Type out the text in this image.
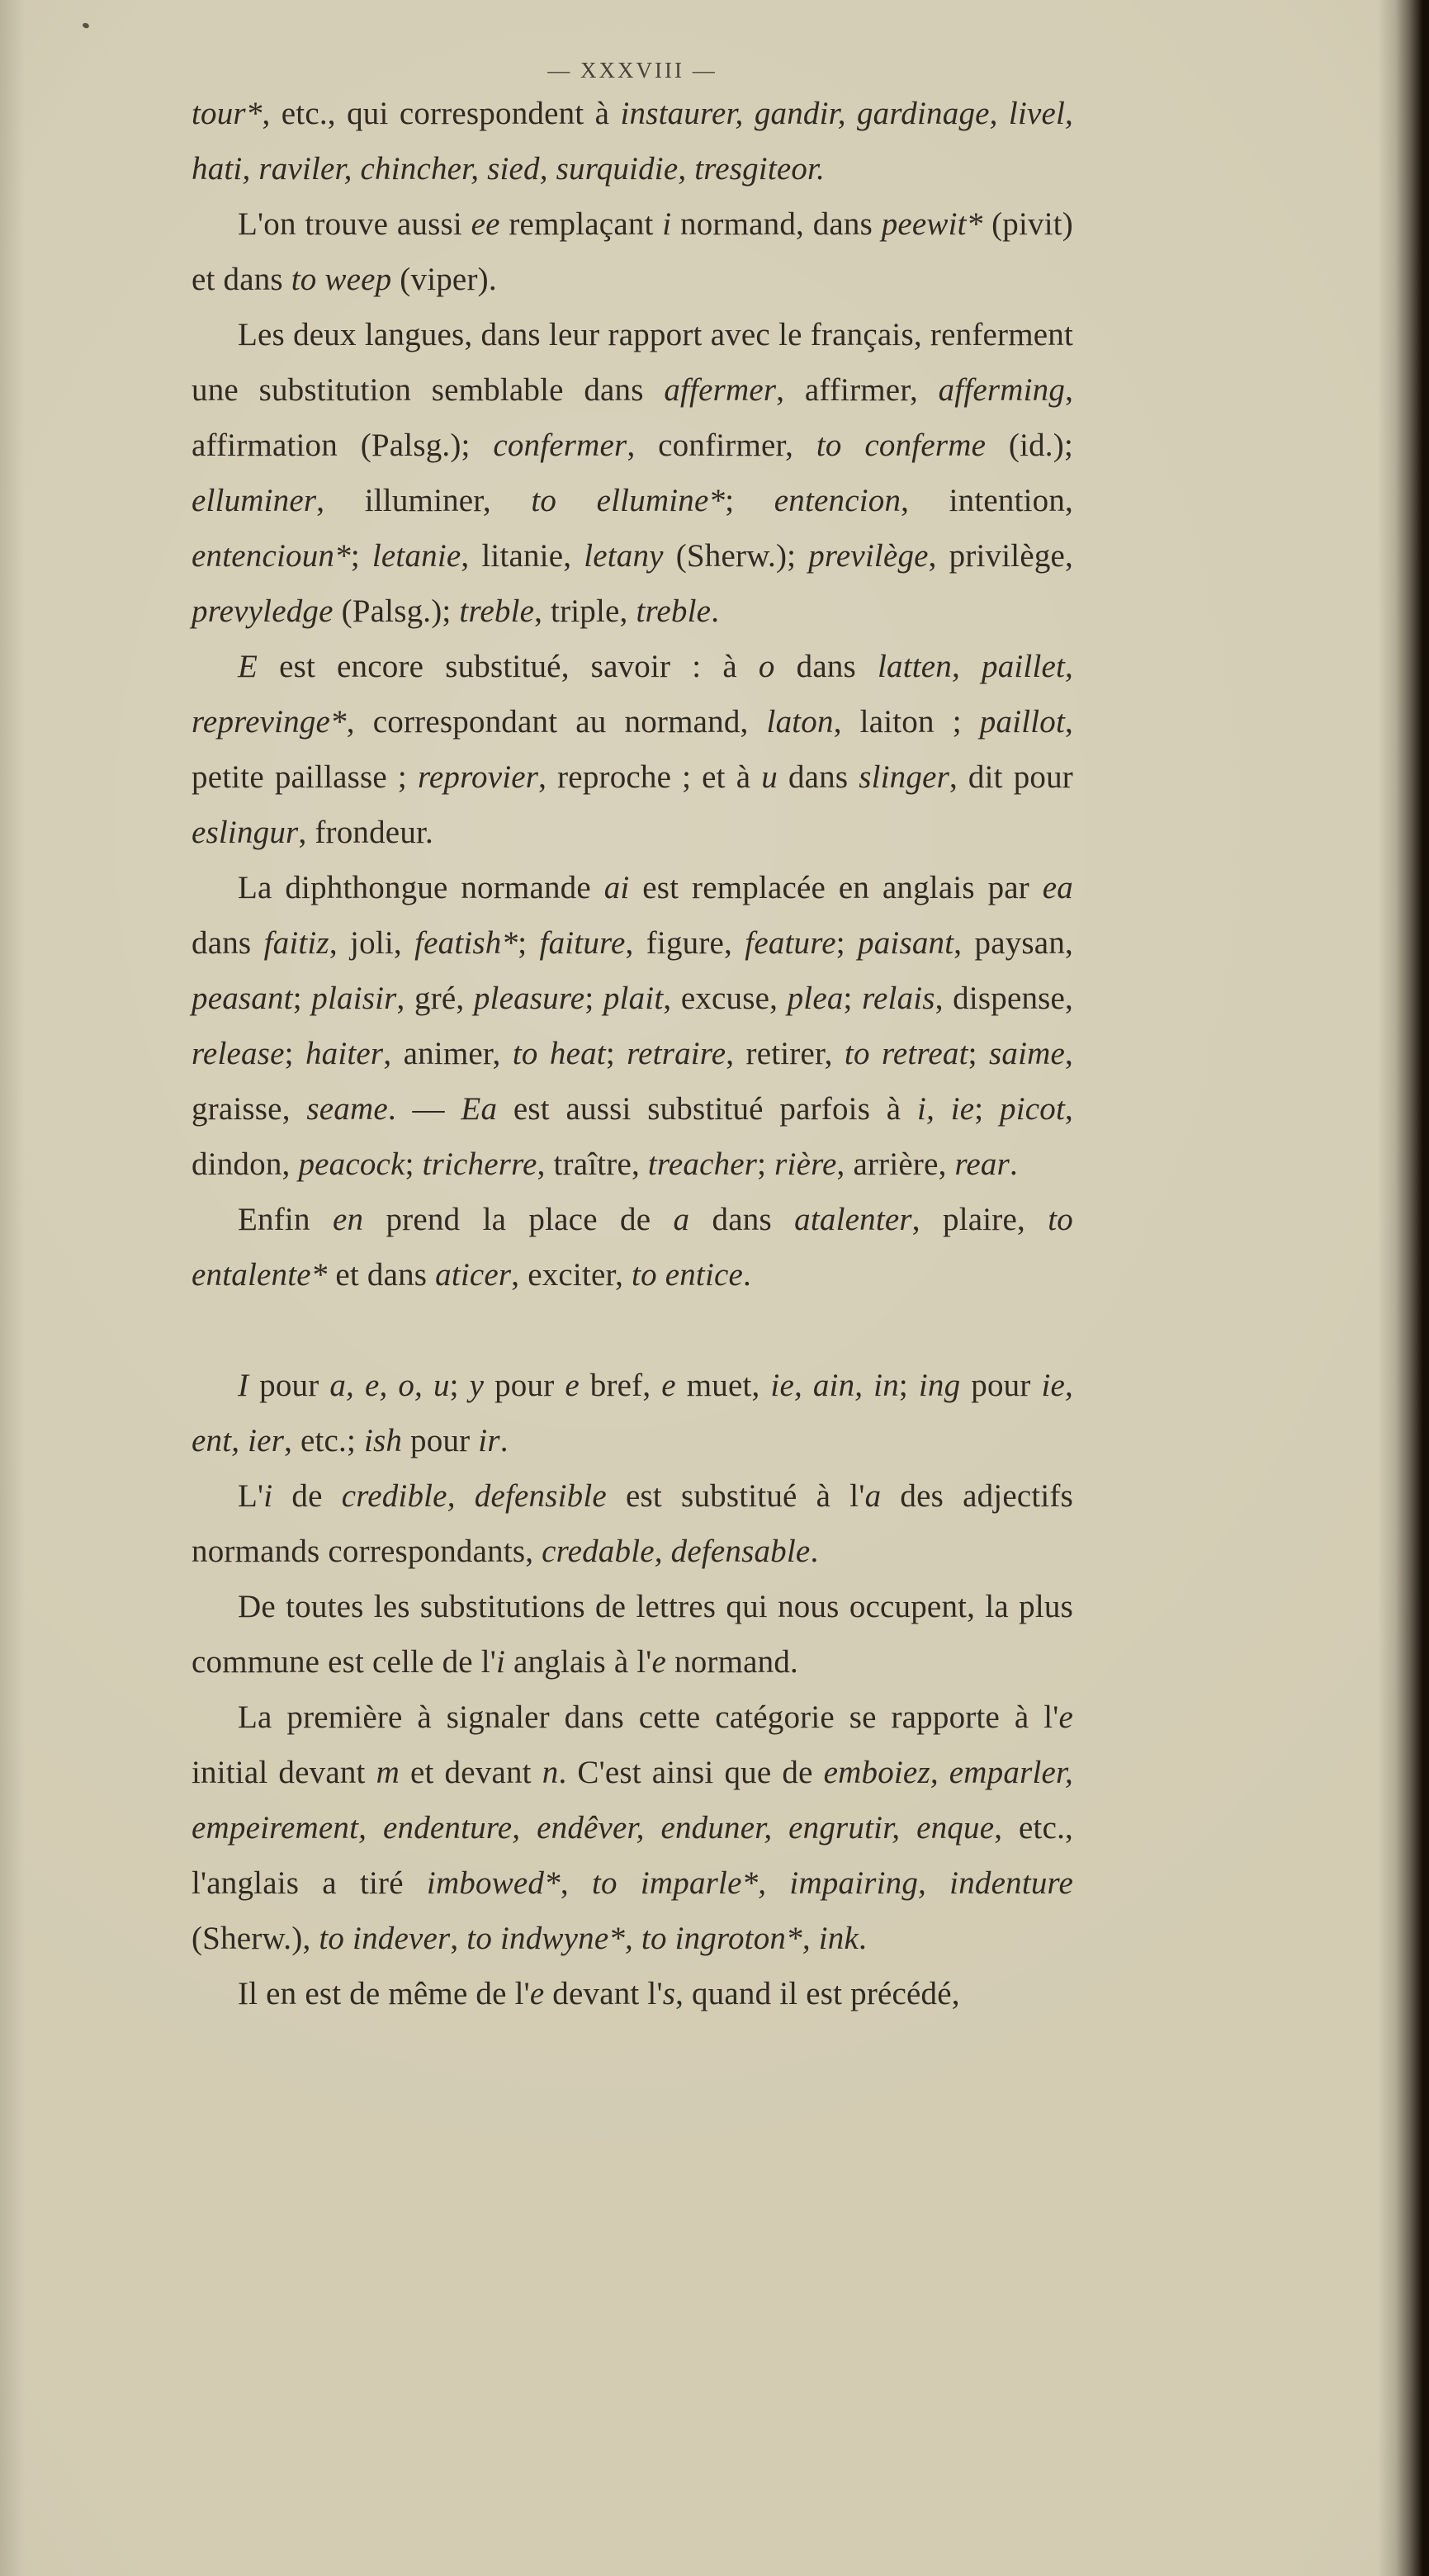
— XXXVIII —

tour*, etc., qui correspondent à instaurer, gandir, gardinage, livel, hati, raviler, chincher, sied, surquidie, tresgiteor.

L'on trouve aussi ee remplaçant i normand, dans peewit* (pivit) et dans to weep (viper).

Les deux langues, dans leur rapport avec le français, renferment une substitution semblable dans affermer, affirmer, afferming, affirmation (Palsg.); confermer, confirmer, to conferme (id.); elluminer, illuminer, to ellumine*; entencion, intention, entencioun*; letanie, litanie, letany (Sherw.); previlège, privilège, prevyledge (Palsg.); treble, triple, treble.

E est encore substitué, savoir : à o dans latten, paillet, reprevinge*, correspondant au normand, laton, laiton ; paillot, petite paillasse ; reprovier, reproche ; et à u dans slinger, dit pour eslingur, frondeur.

La diphthongue normande ai est remplacée en anglais par ea dans faitiz, joli, featish*; faiture, figure, feature; paisant, paysan, peasant; plaisir, gré, pleasure; plait, excuse, plea; relais, dispense, release; haiter, animer, to heat; retraire, retirer, to retreat; saime, graisse, seame. — Ea est aussi substitué parfois à i, ie; picot, dindon, peacock; tricherre, traître, treacher; rière, arrière, rear.

Enfin en prend la place de a dans atalenter, plaire, to entalente* et dans aticer, exciter, to entice.

I pour a, e, o, u; y pour e bref, e muet, ie, ain, in; ing pour ie, ent, ier, etc.; ish pour ir.

L'i de credible, defensible est substitué à l'a des adjectifs normands correspondants, credable, defensable.

De toutes les substitutions de lettres qui nous occupent, la plus commune est celle de l'i anglais à l'e normand.

La première à signaler dans cette catégorie se rapporte à l'e initial devant m et devant n. C'est ainsi que de emboiez, emparler, empeirement, endenture, endêver, enduner, engrutir, enque, etc., l'anglais a tiré imbowed*, to imparle*, impairing, indenture (Sherw.), to indever, to indwyne*, to ingroton*, ink.

Il en est de même de l'e devant l's, quand il est précédé,
